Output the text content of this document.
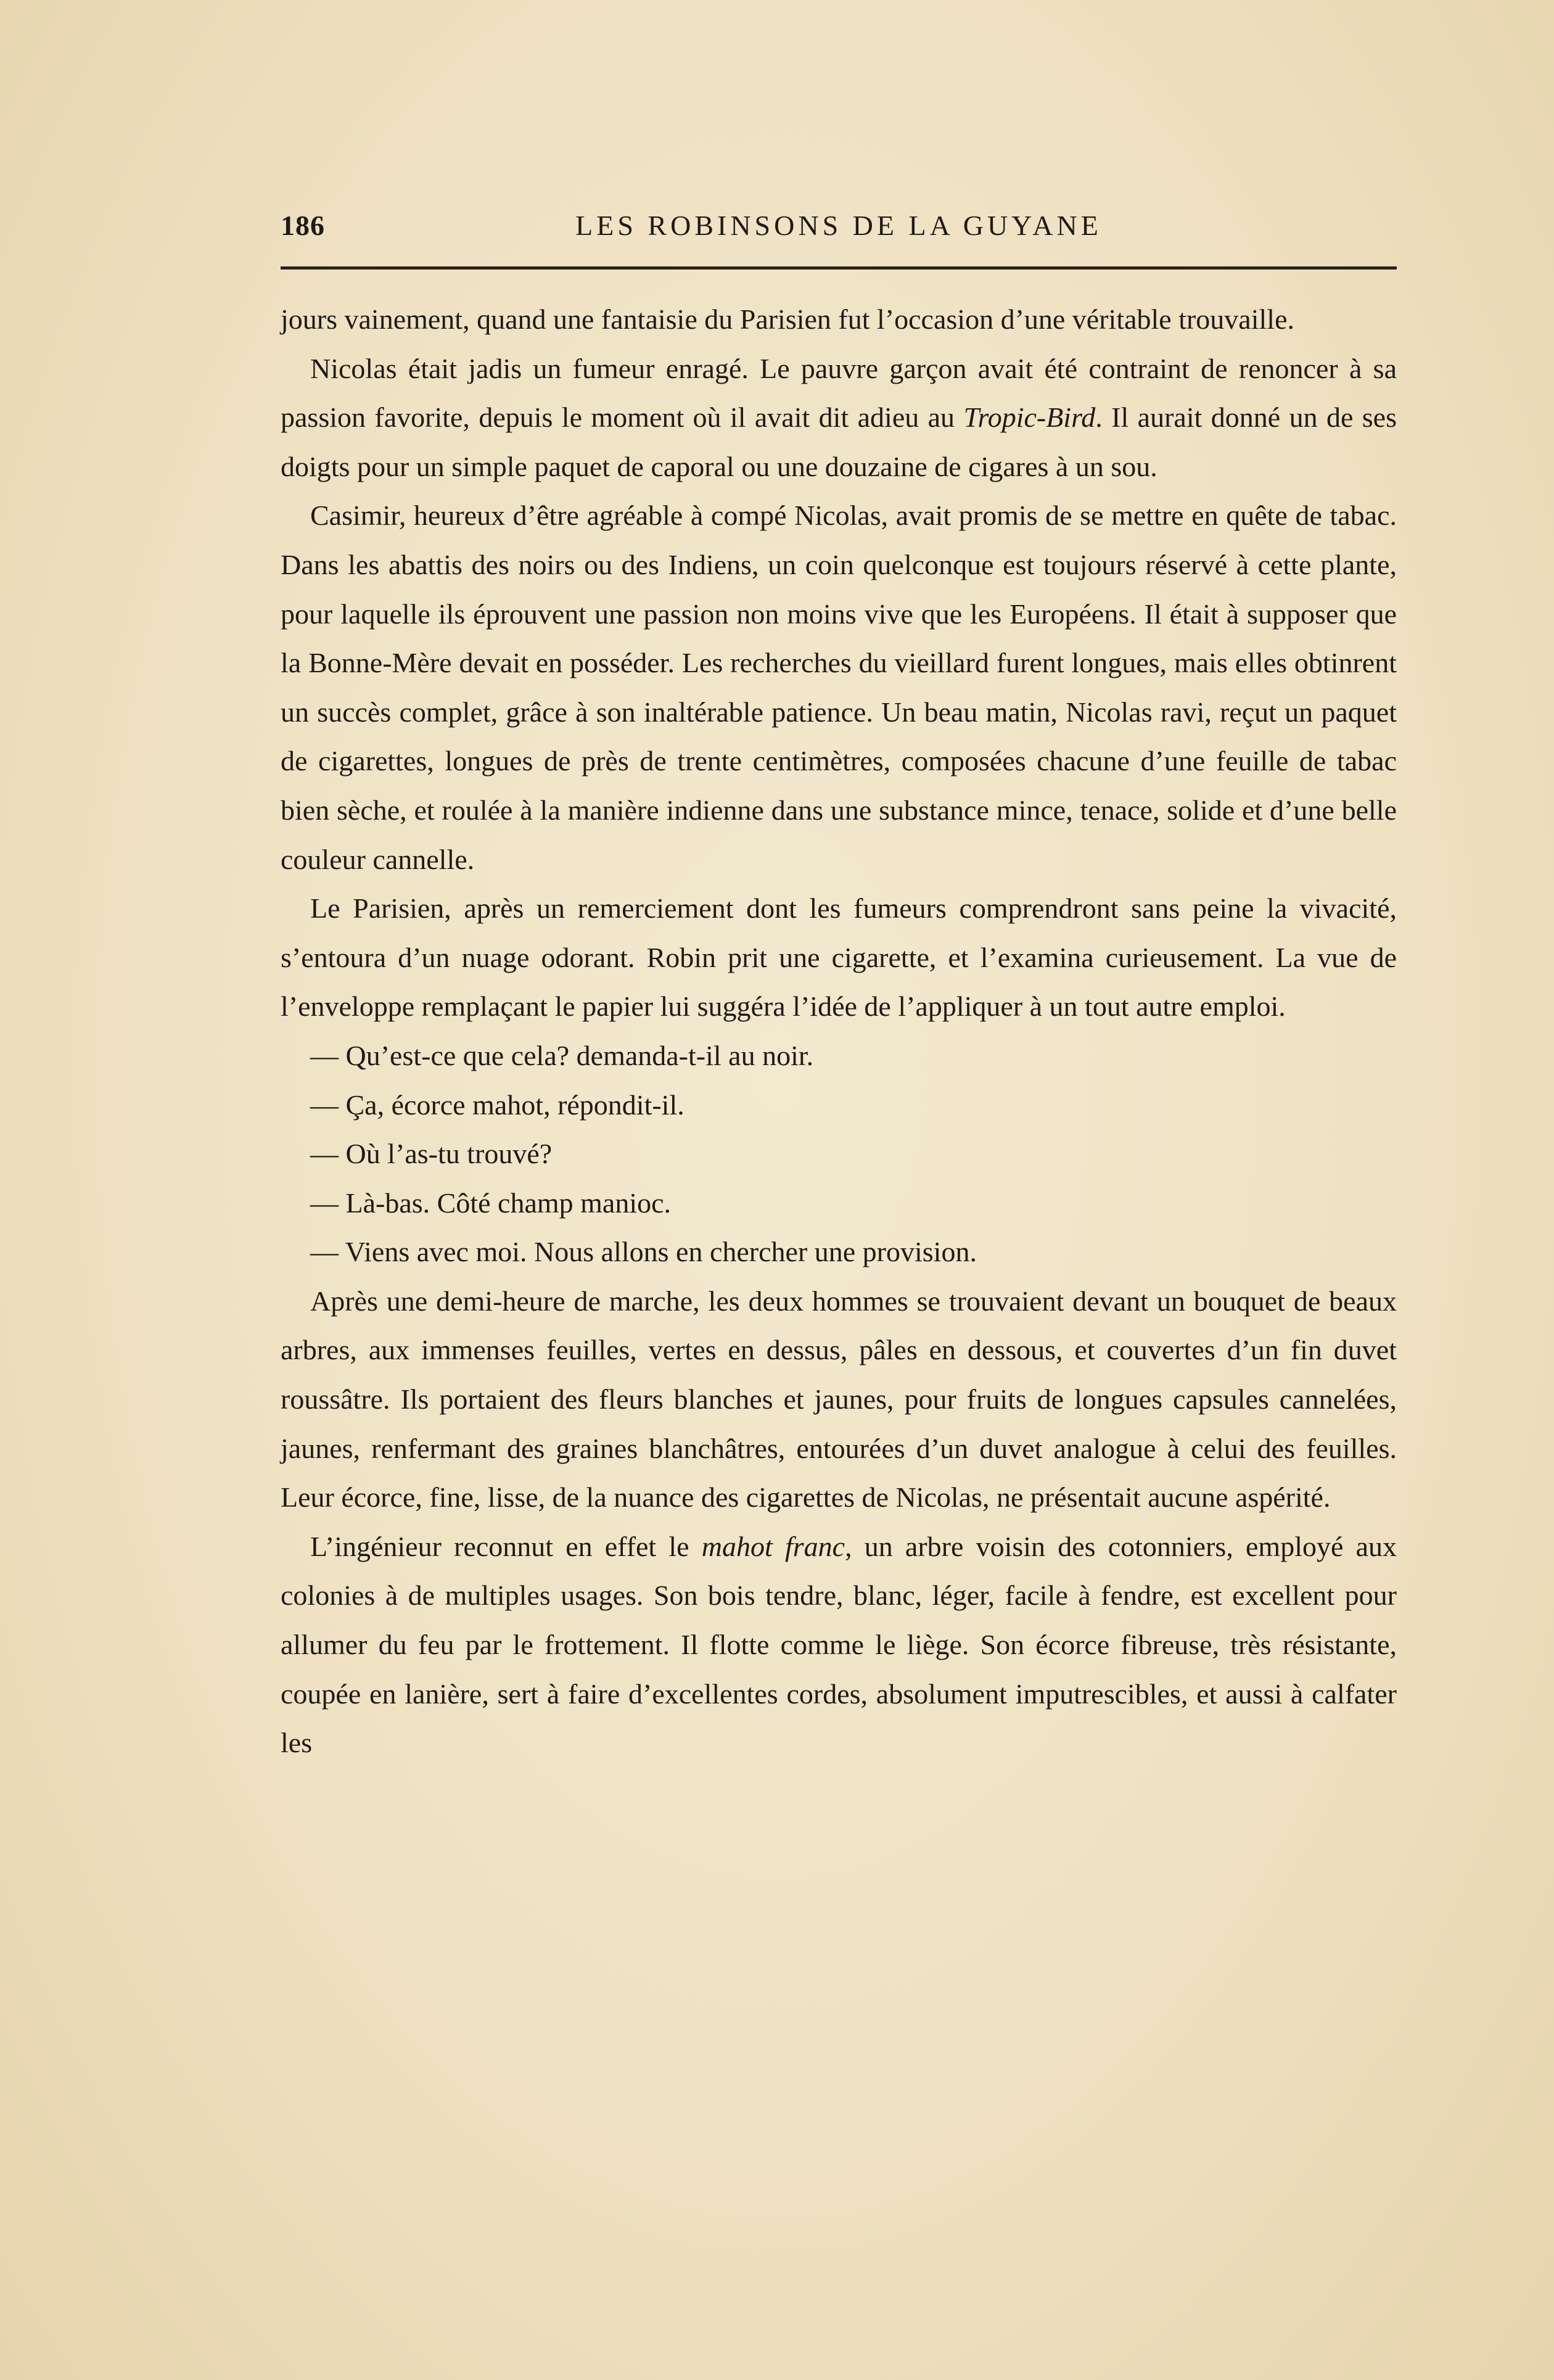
186	LES ROBINSONS DE LA GUYANE

jours vainement, quand une fantaisie du Parisien fut l’occasion d’une véritable trouvaille.

Nicolas était jadis un fumeur enragé. Le pauvre garçon avait été contraint de renoncer à sa passion favorite, depuis le moment où il avait dit adieu au Tropic-Bird. Il aurait donné un de ses doigts pour un simple paquet de caporal ou une douzaine de cigares à un sou.

Casimir, heureux d’être agréable à compé Nicolas, avait promis de se mettre en quête de tabac. Dans les abattis des noirs ou des Indiens, un coin quelconque est toujours réservé à cette plante, pour laquelle ils éprouvent une passion non moins vive que les Européens. Il était à supposer que la Bonne-Mère devait en posséder. Les recherches du vieillard furent longues, mais elles obtinrent un succès complet, grâce à son inaltérable patience. Un beau matin, Nicolas ravi, reçut un paquet de cigarettes, longues de près de trente centimètres, composées chacune d’une feuille de tabac bien sèche, et roulée à la manière indienne dans une substance mince, tenace, solide et d’une belle couleur cannelle.

Le Parisien, après un remerciement dont les fumeurs comprendront sans peine la vivacité, s’entoura d’un nuage odorant. Robin prit une cigarette, et l’examina curieusement. La vue de l’enveloppe remplaçant le papier lui suggéra l’idée de l’appliquer à un tout autre emploi.

— Qu’est-ce que cela? demanda-t-il au noir.

— Ça, écorce mahot, répondit-il.

— Où l’as-tu trouvé?

— Là-bas. Côté champ manioc.

— Viens avec moi. Nous allons en chercher une provision.

Après une demi-heure de marche, les deux hommes se trouvaient devant un bouquet de beaux arbres, aux immenses feuilles, vertes en dessus, pâles en dessous, et couvertes d’un fin duvet roussâtre. Ils portaient des fleurs blanches et jaunes, pour fruits de longues capsules cannelées, jaunes, renfermant des graines blanchâtres, entourées d’un duvet analogue à celui des feuilles. Leur écorce, fine, lisse, de la nuance des cigarettes de Nicolas, ne présentait aucune aspérité.

L’ingénieur reconnut en effet le mahot franc, un arbre voisin des cotonniers, employé aux colonies à de multiples usages. Son bois tendre, blanc, léger, facile à fendre, est excellent pour allumer du feu par le frottement. Il flotte comme le liège. Son écorce fibreuse, très résistante, coupée en lanière, sert à faire d’excellentes cordes, absolument imputrescibles, et aussi à calfater les
